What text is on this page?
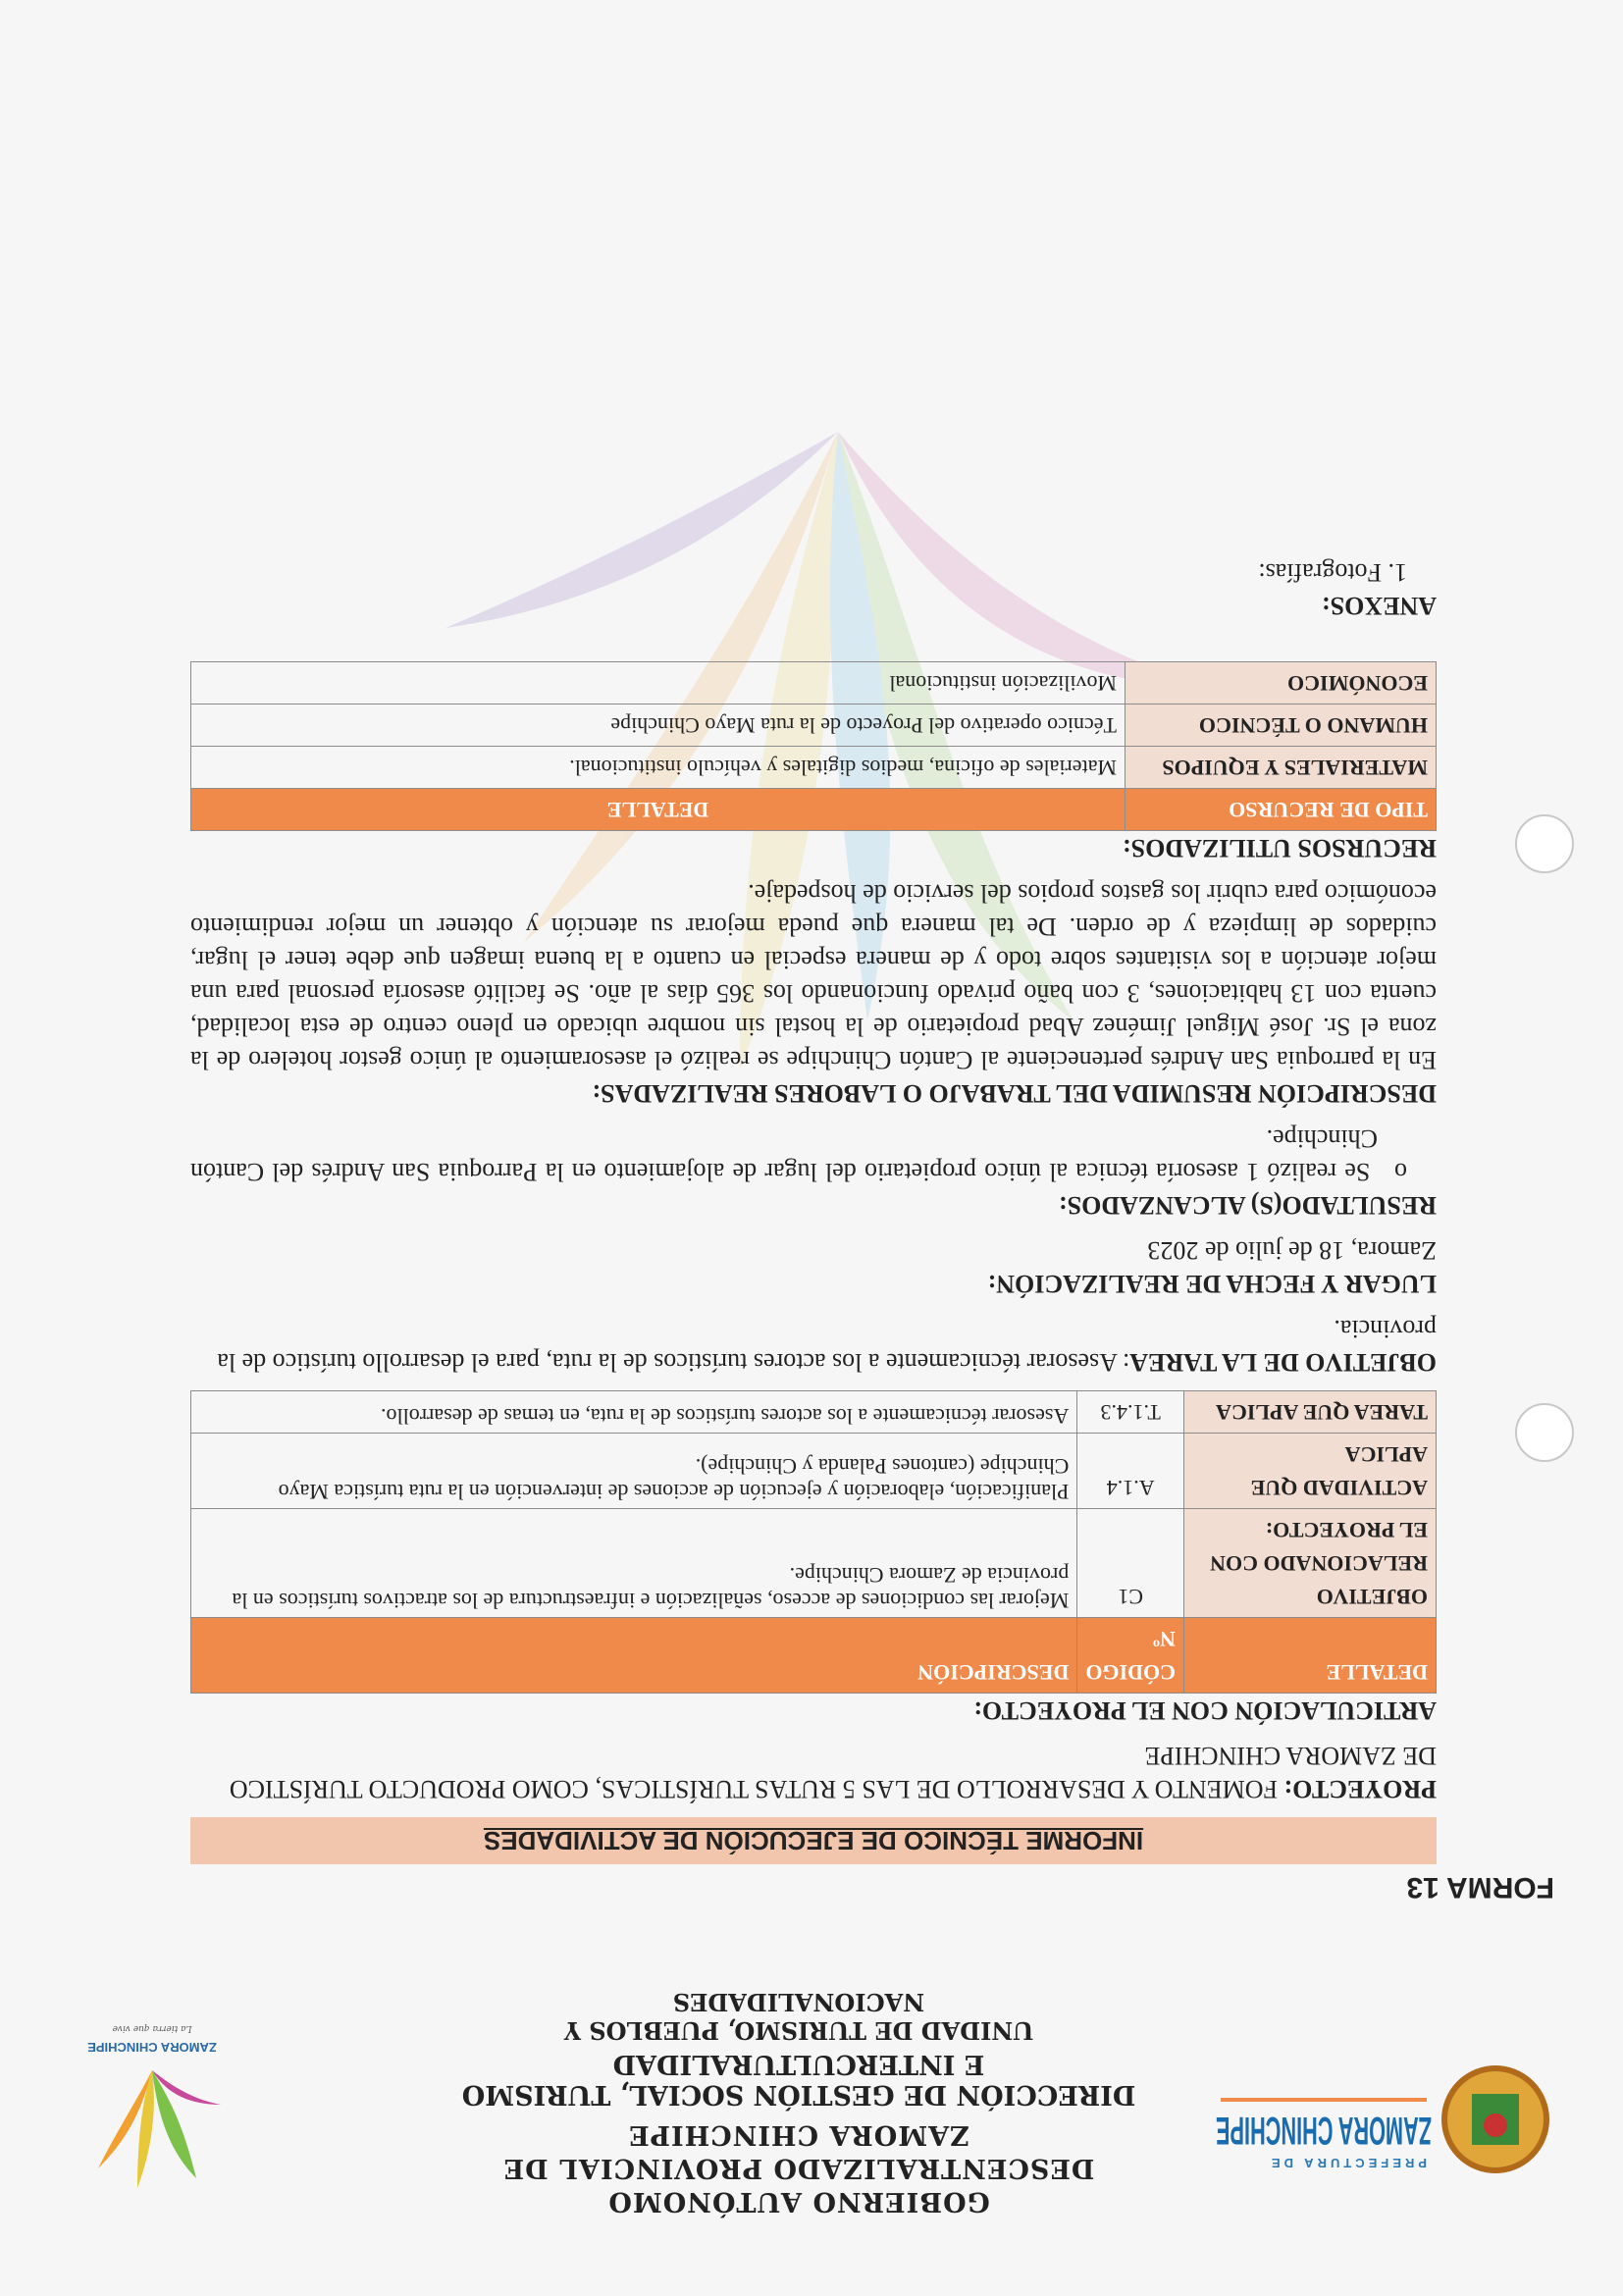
PREFECTURA DE
ZAMORA CHINCHIPE
GOBIERNO AUTÓNOMO DESCENTRALIZADO PROVINCIAL DE ZAMORA CHINCHIPE
DIRECCIÓN DE GESTIÓN SOCIAL, TURISMO E INTERCULTURALIDAD
UNIDAD DE TURISMO, PUEBLOS Y NACIONALIDADES
ZAMORA CHINCHIPE
La tierra que vive
FORMA 13
INFORME TÉCNICO DE EJECUCIÓN DE ACTIVIDADES
PROYECTO: FOMENTO Y DESARROLLO DE LAS 5 RUTAS TURÍSTICAS, COMO PRODUCTO TURÍSTICO DE ZAMORA CHINCHIPE
ARTICULACIÓN CON EL PROYECTO:
DETALLE	CÓDIGO Nº	DESCRIPCIÓN
OBJETIVO RELACIONADO CON EL PROYECTO:	C1	Mejorar las condiciones de acceso, señalización e infraestructura de los atractivos turísticos en la provincia de Zamora Chinchipe.
ACTIVIDAD QUE APLICA	A.1.4	Planificación, elaboración y ejecución de acciones de intervención en la ruta turística Mayo Chinchipe (cantones Palanda y Chinchipe).
TAREA QUE APLICA	T.1.4.3	Asesorar técnicamente a los actores turísticos de la ruta, en temas de desarrollo.
OBJETIVO DE LA TAREA: Asesorar técnicamente a los actores turísticos de la ruta, para el desarrollo turístico de la provincia.
LUGAR Y FECHA DE REALIZACIÓN:
Zamora, 18 de julio de 2023
RESULTADO(S) ALCANZADOS:
o   Se realizó 1 asesoría técnica al único propietario del lugar de alojamiento en la Parroquia San Andrés del Cantón Chinchipe.
DESCRIPCIÓN RESUMIDA DEL TRABAJO O LABORES REALIZADAS:
En la parroquia San Andrés perteneciente al Cantón Chinchipe se realizó el asesoramiento al único gestor hotelero de la zona el Sr. José Miguel Jiménez Abad propietario de la hostal sin nombre ubicado en pleno centro de esta localidad, cuenta con 13 habitaciones, 3 con baño privado funcionando los 365 días al año. Se facilitó asesoría personal para una mejor atención a los visitantes sobre todo y de manera especial en cuanto a la buena imagen que debe tener el lugar, cuidados de limpieza y de orden. De tal manera que pueda mejorar su atención y obtener un mejor rendimiento económico para cubrir los gastos propios del servicio de hospedaje.
RECURSOS UTILIZADOS:
TIPO DE RECURSO	DETALLE
MATERIALES Y EQUIPOS	Materiales de oficina, medios digitales y vehículo institucional.
HUMANO O TÉCNICO	Técnico operativo del Proyecto de la ruta Mayo Chinchipe
ECONÓMICO	Movilización institucional
ANEXOS:
1. Fotografías:
